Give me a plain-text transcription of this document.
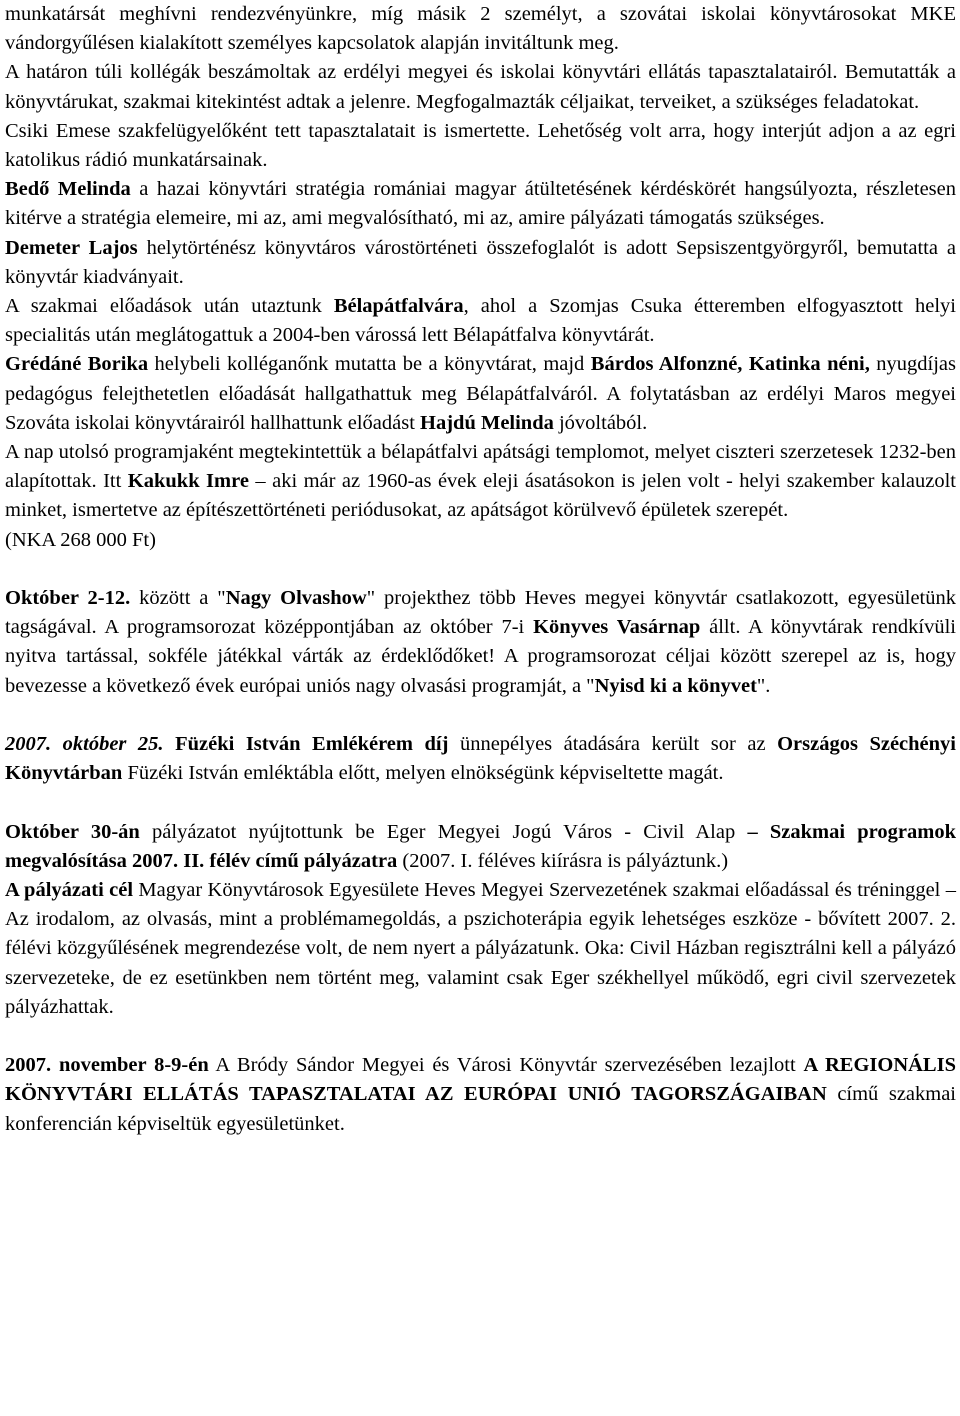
munkatársát meghívni rendezvényünkre, míg másik 2 személyt, a szovátai iskolai könyvtárosokat MKE vándorgyűlésen kialakított személyes kapcsolatok alapján invitáltunk meg.

A határon túli kollégák beszámoltak az erdélyi megyei és iskolai könyvtári ellátás tapasztalatairól. Bemutatták a könyvtárukat, szakmai kitekintést adtak a jelenre. Megfogalmazták céljaikat, terveiket, a szükséges feladatokat.

Csiki Emese szakfelügyelőként tett tapasztalatait is ismertette. Lehetőség volt arra, hogy interjút adjon a az egri katolikus rádió munkatársainak.

Bedő Melinda a hazai könyvtári stratégia romániai magyar átültetésének kérdéskörét hangsúlyozta, részletesen kitérve a stratégia elemeire, mi az, ami megvalósítható, mi az, amire pályázati támogatás szükséges.

Demeter Lajos helytörténész könyvtáros várostörténeti összefoglalót is adott Sepsiszentgyörgyről, bemutatta a könyvtár kiadványait.

A szakmai előadások után utaztunk Bélapátfalvára, ahol a Szomjas Csuka étteremben elfogyasztott helyi specialitás után meglátogattuk a 2004-ben várossá lett Bélapátfalva könyvtárát.

Grédáné Borika helybeli kolléganőnk mutatta be a könyvtárat, majd Bárdos Alfonzné, Katinka néni, nyugdíjas pedagógus felejthetetlen előadását hallgathattuk meg Bélapátfalváról. A folytatásban az erdélyi Maros megyei Szováta iskolai könyvtárairól hallhattunk előadást Hajdú Melinda jóvoltából.

A nap utolsó programjaként megtekintettük a bélapátfalvi apátsági templomot, melyet ciszteri szerzetesek 1232-ben alapítottak. Itt Kakukk Imre – aki már az 1960-as évek eleji ásatásokon is jelen volt - helyi szakember kalauzolt minket, ismertetve az építészettörténeti periódusokat, az apátságot körülvevő épületek szerepét.

(NKA 268 000 Ft)

Október 2-12. között a "Nagy Olvashow" projekthez több Heves megyei könyvtár csatlakozott, egyesületünk tagságával. A programsorozat középpontjában az október 7-i Könyves Vasárnap állt. A könyvtárak rendkívüli nyitva tartással, sokféle játékkal várták az érdeklődőket! A programsorozat céljai között szerepel az is, hogy bevezesse a következő évek európai uniós nagy olvasási programját, a "Nyisd ki a könyvet".

2007. október 25. Füzéki István Emlékérem díj ünnepélyes átadására került sor az Országos Széchényi Könyvtárban Füzéki István emléktábla előtt, melyen elnökségünk képviseltette magát.

Október 30-án pályázatot nyújtottunk be Eger Megyei Jogú Város - Civil Alap – Szakmai programok megvalósítása 2007. II. félév című pályázatra (2007. I. féléves kiírásra is pályáztunk.)

A pályázati cél Magyar Könyvtárosok Egyesülete Heves Megyei Szervezetének szakmai előadással és tréninggel – Az irodalom, az olvasás, mint a problémamegoldás, a pszichoterápia egyik lehetséges eszköze - bővített 2007. 2. félévi közgyűlésének megrendezése volt, de nem nyert a pályázatunk. Oka: Civil Házban regisztrálni kell a pályázó szervezeteke, de ez esetünkben nem történt meg, valamint csak Eger székhellyel működő, egri civil szervezetek pályázhattak.

2007. november 8-9-én A Bródy Sándor Megyei és Városi Könyvtár szervezésében lezajlott A REGIONÁLIS KÖNYVTÁRI ELLÁTÁS TAPASZTALATAI AZ EURÓPAI UNIÓ TAGORSZÁGAIBAN című szakmai konferencián képviseltük egyesületünket.
